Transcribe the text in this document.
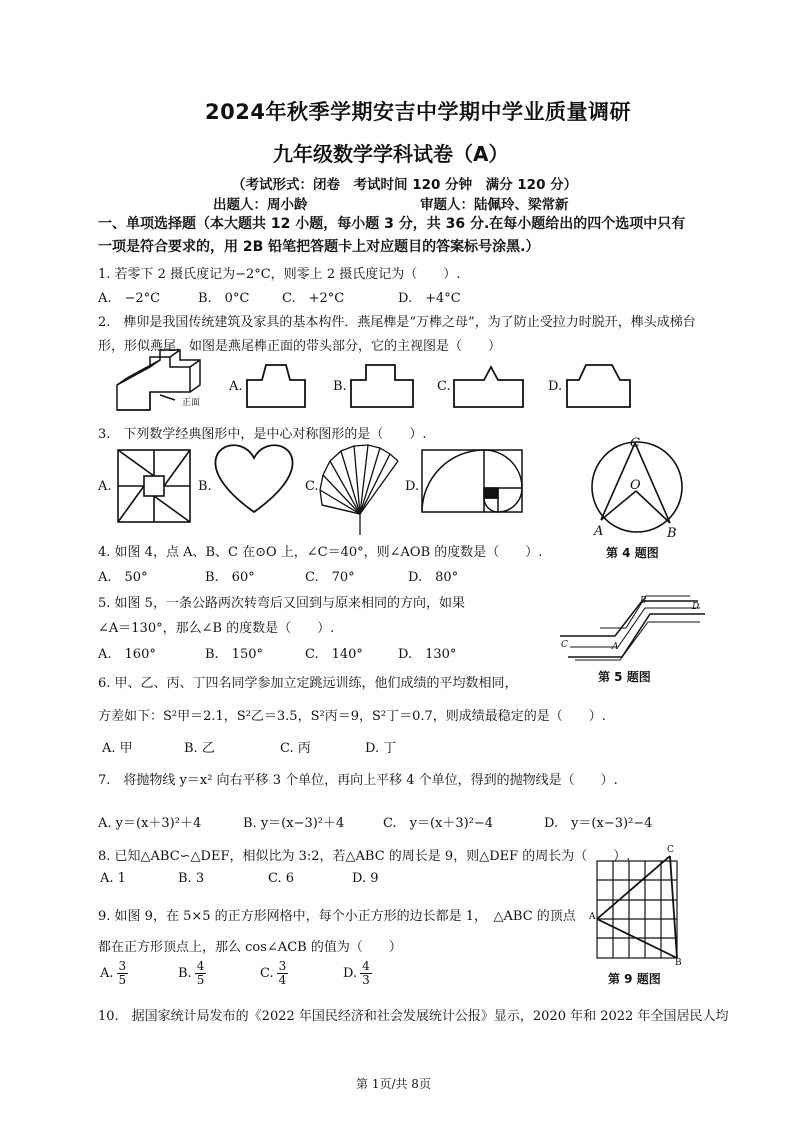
2024年秋季学期安吉中学期中学业质量调研
九年级数学学科试卷（A）
（考试形式：闭卷　考试时间 120 分钟　满分 120 分）
出题人：周小龄	审题人：陆佩玲、梁常新
一、单项选择题（本大题共 12 小题，每小题 3 分，共 36 分.在每小题给出的四个选项中只有
一项是符合要求的，用 2B 铅笔把答题卡上对应题目的答案标号涂黑.）
1. 若零下 2 摄氏度记为−2°C，则零上 2 摄氏度记为（　　）.
A.　−2°C	B.　0°C	C.　+2°C	D.　+4°C
2.　榫卯是我国传统建筑及家具的基本构件．燕尾榫是“万榫之母”，为了防止受拉力时脱开，榫头成梯台
形，形似燕尾，如图是燕尾榫正面的带头部分，它的主视图是（　　）
正面
A.	B.	C.	D.
3.　下列数学经典图形中，是中心对称图形的是（　　）.
A.	B.	C.	D.
C
O
A	B
第 4 题图
4. 如图 4，点 A、B、C 在⊙O 上，∠C＝40°，则∠AOB 的度数是（　　）.
A.　50°	B.　60°	C.　70°	D.　80°
5. 如图 5，一条公路两次转弯后又回到与原来相同的方向，如果
∠A＝130°，那么∠B 的度数是（　　）.
A.　160°	B.　150°	C.　140°	D.　130°
B
D
C	A
第 5 题图
6. 甲、乙、丙、丁四名同学参加立定跳远训练，他们成绩的平均数相同，
方差如下：S²甲＝2.1，S²乙＝3.5，S²丙＝9，S²丁＝0.7，则成绩最稳定的是（　　）.
A. 甲	B. 乙	C. 丙	D. 丁
7.　将抛物线 y＝x² 向右平移 3 个单位，再向上平移 4 个单位，得到的抛物线是（　　）.
A. y＝(x＋3)²＋4	B. y＝(x−3)²＋4	C.　y＝(x＋3)²−4	D.　y＝(x−3)²−4
8. 已知△ABC∽△DEF，相似比为 3:2，若△ABC 的周长是 9，则△DEF 的周长为（　　）.
A. 1	B. 3	C. 6	D. 9
C
A
B
第 9 题图
9. 如图 9，在 5×5 的正方形网格中，每个小正方形的边长都是 1，　△ABC 的顶点
都在正方形顶点上，那么 cos∠ACB 的值为（　　）
A. $\frac{3}{5}$	B. $\frac{4}{5}$	C. $\frac{3}{4}$	D. $\frac{4}{3}$
10.　据国家统计局发布的《2022 年国民经济和社会发展统计公报》显示，2020 年和 2022 年全国居民人均
第 1页/共 8页
